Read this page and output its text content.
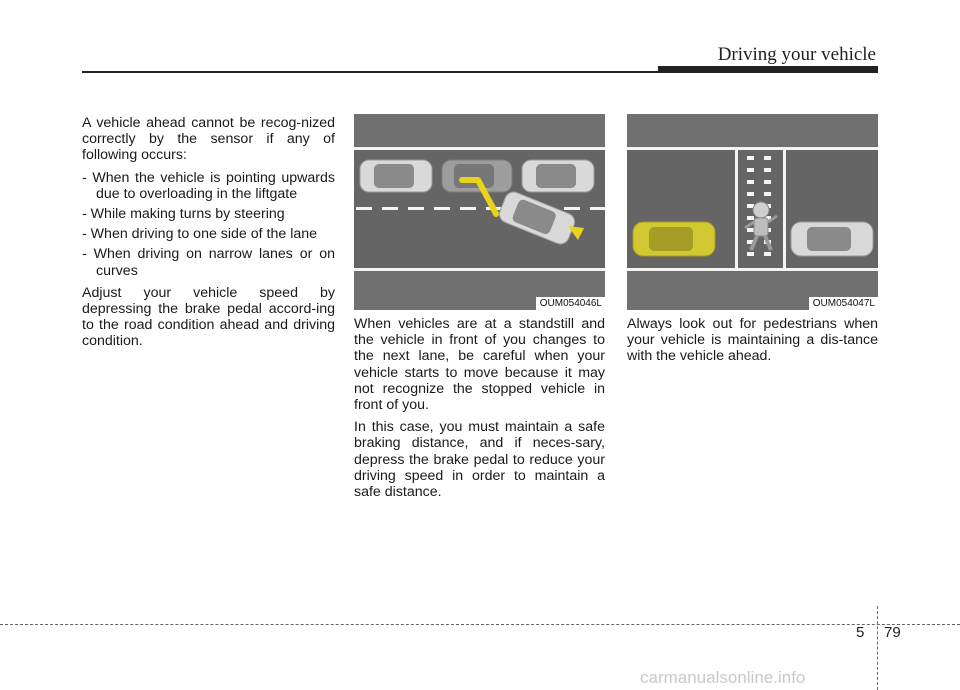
Driving your vehicle

A vehicle ahead cannot be recog-nized correctly by the sensor if any of following occurs:

- When the vehicle is pointing upwards due to overloading in the liftgate
- While making turns by steering
- When driving to one side of the lane
- When driving on narrow lanes or on curves

Adjust your vehicle speed by depressing the brake pedal accord-ing to the road condition ahead and driving condition.

OUM054046L

When vehicles are at a standstill and the vehicle in front of you changes to the next lane, be careful when your vehicle starts to move because it may not recognize the stopped vehicle in front of you.

In this case, you must maintain a safe braking distance, and if neces-sary, depress the brake pedal to reduce your driving speed in order to maintain a safe distance.

OUM054047L

Always look out for pedestrians when your vehicle is maintaining a dis-tance with the vehicle ahead.

5 79
carmanualsonline.info
